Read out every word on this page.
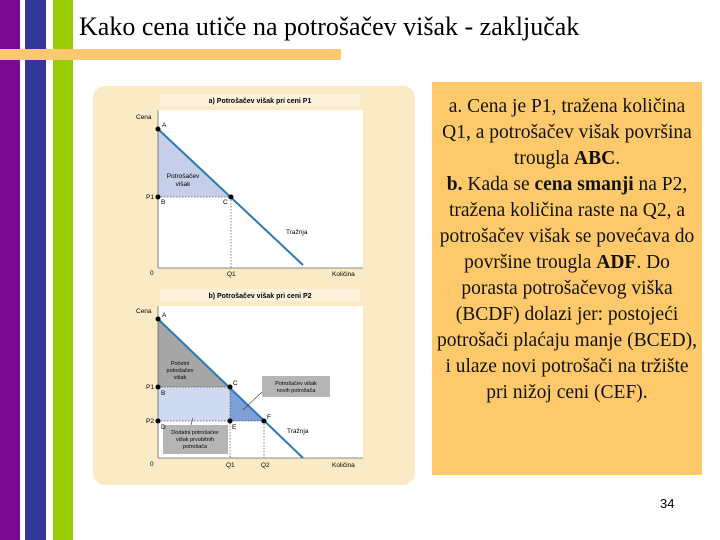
Kako cena utiče na potrošačev višak - zaključak
a) Potrošačev višak pri ceni P1
Cena
A
P1
B	C
Potrošačev
višak
Tražnja
0	Q1	Količina
b) Potrošačev višak pri ceni P2
Cena
A
P1
P2
B
C
D	E
F
Tražnja
0	Q1	Q2	Količina
Početni
potrošačev
višak
Potrošačev višak
novih potrošača
Dodatni potrošačev
višak prvobitnih
potrošača
a. Cena je P1, tražena količina Q1, a potrošačev višak površina trougla ABC.
b. Kada se cena smanji na P2, tražena količina raste na Q2, a potrošačev višak se povećava do površine trougla ADF. Do porasta potrošačevog viška (BCDF) dolazi jer: postojeći potrošači plaćaju manje (BCED), i ulaze novi potrošači na tržište pri nižoj ceni (CEF).
34
